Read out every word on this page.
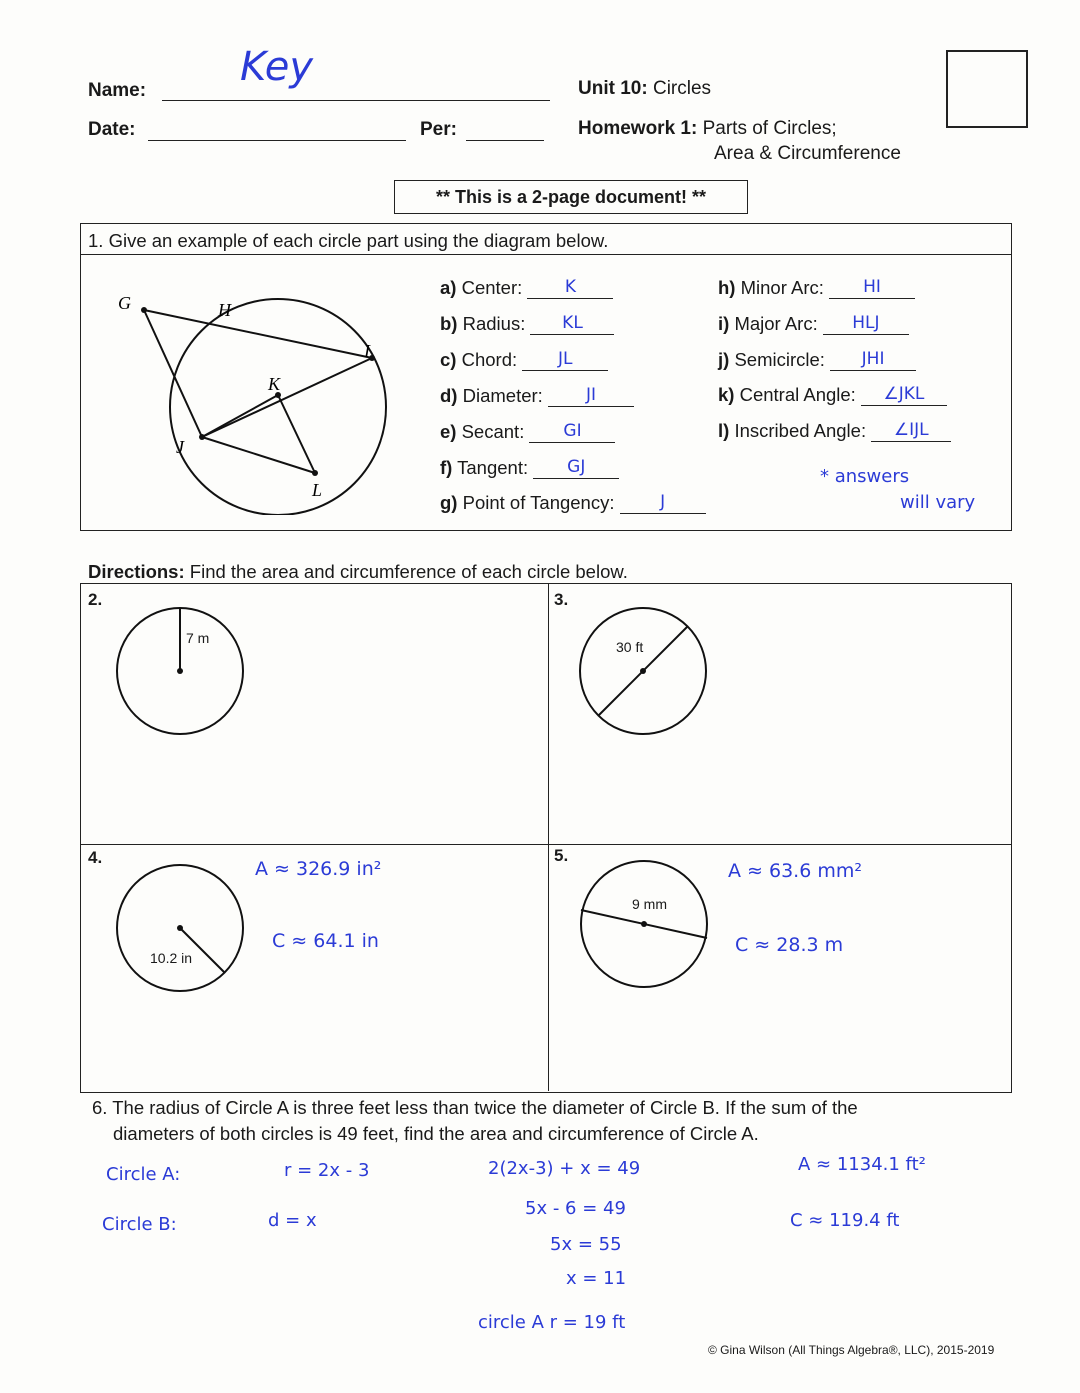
Name:
Key
Date:	Per:
Unit 10: Circles
Homework 1: Parts of Circles;
Area & Circumference
** This is a 2-page document! **
1. Give an example of each circle part using the diagram below.
G	H
I
K
J
L
a) Center:	K
b) Radius:	KL
c) Chord:	JL
d) Diameter:	JI
e) Secant:	GI
f) Tangent:	GJ
g) Point of Tangency:	J
h) Minor Arc:	HI
i) Major Arc:	HLJ
j) Semicircle:	JHI
k) Central Angle:	∠JKL
l) Inscribed Angle:	∠IJL
* answers
will vary
Directions: Find the area and circumference of each circle below.
2.
7 m
3.
30 ft
4.
10.2 in
A ≈ 326.9 in²
C ≈ 64.1 in
5.
9 mm
A ≈ 63.6 mm²
C ≈ 28.3 m
6. The radius of Circle A is three feet less than twice the diameter of Circle B. If the sum of the
diameters of both circles is 49 feet, find the area and circumference of Circle A.
Circle A:	r = 2x - 3
Circle B:	d = x
2(2x-3) + x = 49
5x - 6 = 49
5x = 55
x = 11
circle A r = 19 ft
A ≈ 1134.1 ft²
C ≈ 119.4 ft
© Gina Wilson (All Things Algebra®, LLC), 2015-2019
